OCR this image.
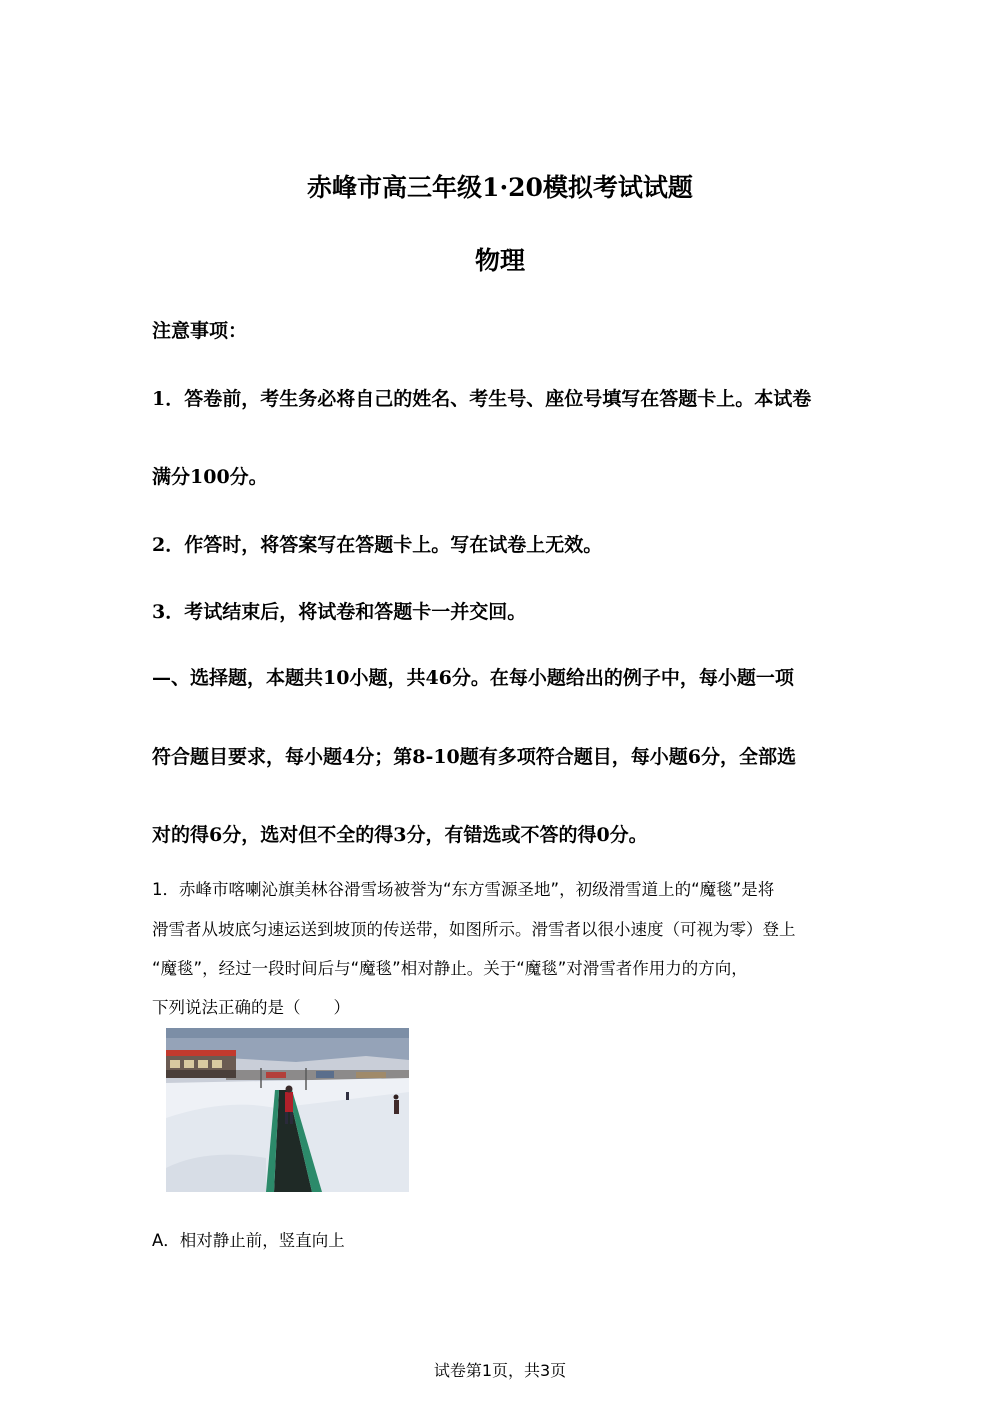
赤峰市高三年级1·20模拟考试试题
物理
注意事项：
1．答卷前，考生务必将自己的姓名、考生号、座位号填写在答题卡上。本试卷
满分100分。
2．作答时，将答案写在答题卡上。写在试卷上无效。
3．考试结束后，将试卷和答题卡一并交回。
—、选择题，本题共10小题，共46分。在每小题给出的例子中，每小题一项
符合题目要求，每小题4分；第8-10题有多项符合题目，每小题6分，全部选
对的得6分，选对但不全的得3分，有错选或不答的得0分。
1．赤峰市喀喇沁旗美林谷滑雪场被誉为“东方雪源圣地”，初级滑雪道上的“魔毯”是将
滑雪者从坡底匀速运送到坡顶的传送带，如图所示。滑雪者以很小速度（可视为零）登上
“魔毯”，经过一段时间后与“魔毯”相对静止。关于“魔毯”对滑雪者作用力的方向，
下列说法正确的是（　　）
A．相对静止前，竖直向上
试卷第1页，共3页
